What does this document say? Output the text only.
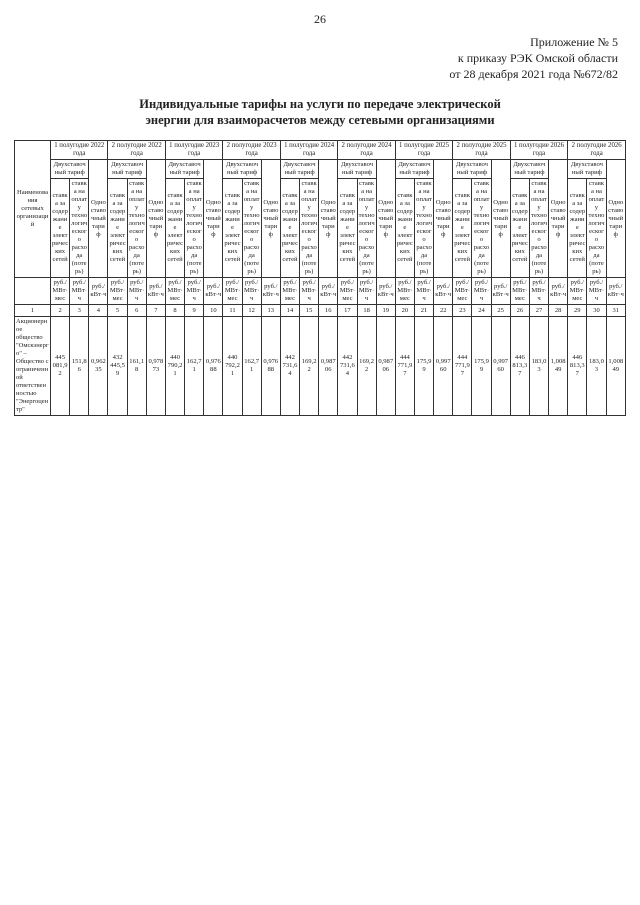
26
Приложение № 5
к приказу РЭК Омской области
от 28 декабря 2021 года №672/82
Индивидуальные тарифы на услуги по передаче электрической
энергии для взаиморасчетов между сетевыми организациями
Наименования сетевых организаций	1 полугодие 2022 года			2 полугодие 2022 года			1 полугодие 2023 года			2 полугодие 2023 года			1 полугодие 2024 года			2 полугодие 2024 года			1 полугодие 2025 года			2 полугодие 2025 года			1 полугодие 2026 года			2 полугодие 2026 года		
	Двухставочный тариф		Одноставочный тариф	Двухставочный тариф		Одноставочный тариф	Двухставочный тариф		Одноставочный тариф	Двухставочный тариф		Одноставочный тариф	Двухставочный тариф		Одноставочный тариф	Двухставочный тариф		Одноставочный тариф	Двухставочный тариф		Одноставочный тариф	Двухставочный тариф		Одноставочный тариф	Двухставочный тариф		Одноставочный тариф	Двухставочный тариф		Одноставочный тариф
	ставка за содержание электрических сетей	ставка на оплату технологического расхода (потерь)		ставка за содержание электрических сетей	ставка на оплату технологического расхода (потерь)		ставка за содержание электрических сетей	ставка на оплату технологического расхода (потерь)		ставка за содержание электрических сетей	ставка на оплату технологического расхода (потерь)		ставка за содержание электрических сетей	ставка на оплату технологического расхода (потерь)		ставка за содержание электрических сетей	ставка на оплату технологического расхода (потерь)		ставка за содержание электрических сетей	ставка на оплату технологического расхода (потерь)		ставка за содержание электрических сетей	ставка на оплату технологического расхода (потерь)		ставка за содержание электрических сетей	ставка на оплату технологического расхода (потерь)		ставка за содержание электрических сетей	ставка на оплату технологического расхода (потерь)	
	руб./МВт·мес	руб./МВт·ч	руб./кВт·ч	руб./МВт·мес	руб./МВт·ч	руб./кВт·ч	руб./МВт·мес	руб./МВт·ч	руб./кВт·ч	руб./МВт·мес	руб./МВт·ч	руб./кВт·ч	руб./МВт·мес	руб./МВт·ч	руб./кВт·ч	руб./МВт·мес	руб./МВт·ч	руб./кВт·ч	руб./МВт·мес	руб./МВт·ч	руб./кВт·ч	руб./МВт·мес	руб./МВт·ч	руб./кВт·ч	руб./МВт·мес	руб./МВт·ч	руб./кВт·ч	руб./МВт·мес	руб./МВт·ч	руб./кВт·ч
1	2	3	4	5	6	7	8	9	10	11	12	13	14	15	16	17	18	19	20	21	22	23	24	25	26	27	28	29	30	31
Акционерное общество "Омскэнерго" – Общество с ограниченной ответственностью "Энергоцентр"	445 081,92	151,86	0,96235	432 445,59	161,18	0,97873	440 790,21	162,71	0,97688	440 792,21	162,71	0,97688	442 731,64	169,22	0,98706	442 731,64	169,22	0,98706	444 771,97	175,99	0,99760	444 771,97	175,99	0,99760	446 813,37	183,03	1,00849	446 813,37	183,03	1,00849
